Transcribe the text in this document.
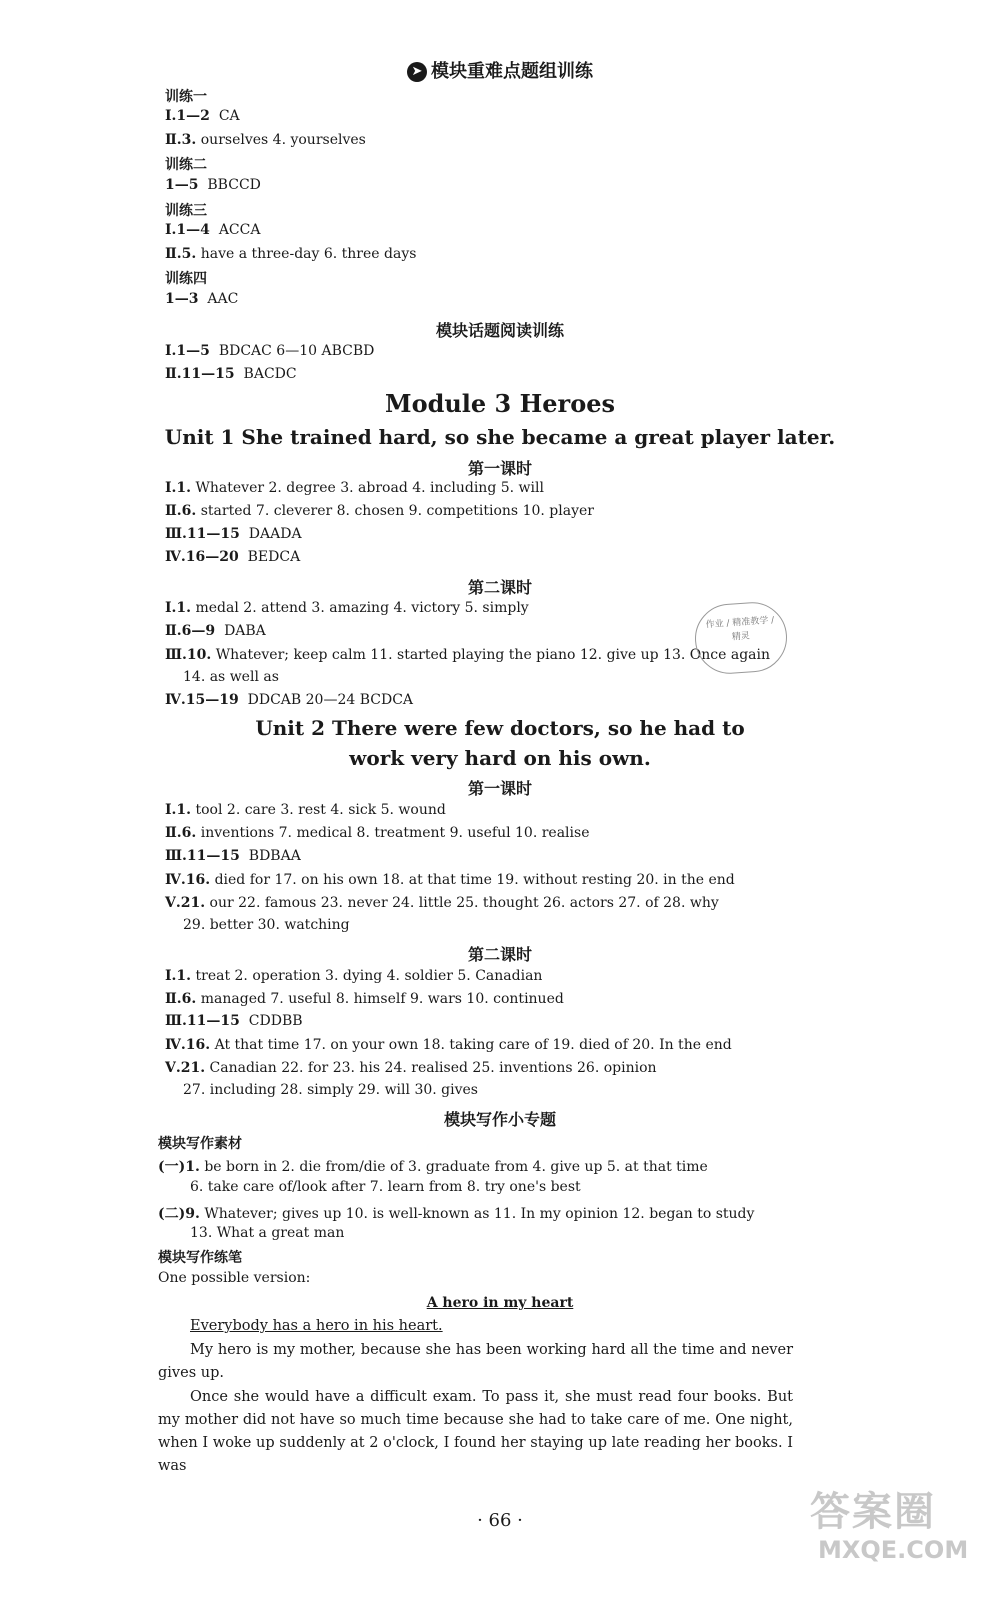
➤ 模块重难点题组训练
训练一
Ⅰ.1—2 CA
Ⅱ.3. ourselves 4. yourselves
训练二
1—5 BBCCD
训练三
Ⅰ.1—4 ACCA
Ⅱ.5. have a three-day 6. three days
训练四
1—3 AAC
模块话题阅读训练
Ⅰ.1—5 BDCAC 6—10 ABCBD
Ⅱ.11—15 BACDC
Module 3 Heroes
Unit 1 She trained hard, so she became a great player later.
第一课时
Ⅰ.1. Whatever 2. degree 3. abroad 4. including 5. will
Ⅱ.6. started 7. cleverer 8. chosen 9. competitions 10. player
Ⅲ.11—15 DAADA
Ⅳ.16—20 BEDCA
第二课时
Ⅰ.1. medal 2. attend 3. amazing 4. victory 5. simply
Ⅱ.6—9 DABA
Ⅲ.10. Whatever; keep calm 11. started playing the piano 12. give up 13. Once again
14. as well as
Ⅳ.15—19 DDCAB 20—24 BCDCA
作业 / 精准教学 / 精灵
Unit 2 There were few doctors, so he had to
work very hard on his own.
第一课时
Ⅰ.1. tool 2. care 3. rest 4. sick 5. wound
Ⅱ.6. inventions 7. medical 8. treatment 9. useful 10. realise
Ⅲ.11—15 BDBAA
Ⅳ.16. died for 17. on his own 18. at that time 19. without resting 20. in the end
Ⅴ.21. our 22. famous 23. never 24. little 25. thought 26. actors 27. of 28. why
29. better 30. watching
第二课时
Ⅰ.1. treat 2. operation 3. dying 4. soldier 5. Canadian
Ⅱ.6. managed 7. useful 8. himself 9. wars 10. continued
Ⅲ.11—15 CDDBB
Ⅳ.16. At that time 17. on your own 18. taking care of 19. died of 20. In the end
Ⅴ.21. Canadian 22. for 23. his 24. realised 25. inventions 26. opinion
27. including 28. simply 29. will 30. gives
模块写作小专题
模块写作素材
(一)1. be born in 2. die from/die of 3. graduate from 4. give up 5. at that time
6. take care of/look after 7. learn from 8. try one's best
(二)9. Whatever; gives up 10. is well-known as 11. In my opinion 12. began to study
13. What a great man
模块写作练笔
One possible version:
A hero in my heart
Everybody has a hero in his heart.
My hero is my mother, because she has been working hard all the time and never gives up.
Once she would have a difficult exam. To pass it, she must read four books. But my mother did not have so much time because she had to take care of me. One night, when I woke up suddenly at 2 o'clock, I found her staying up late reading her books. I was
· 66 ·	答案圈
MXQE.COM
